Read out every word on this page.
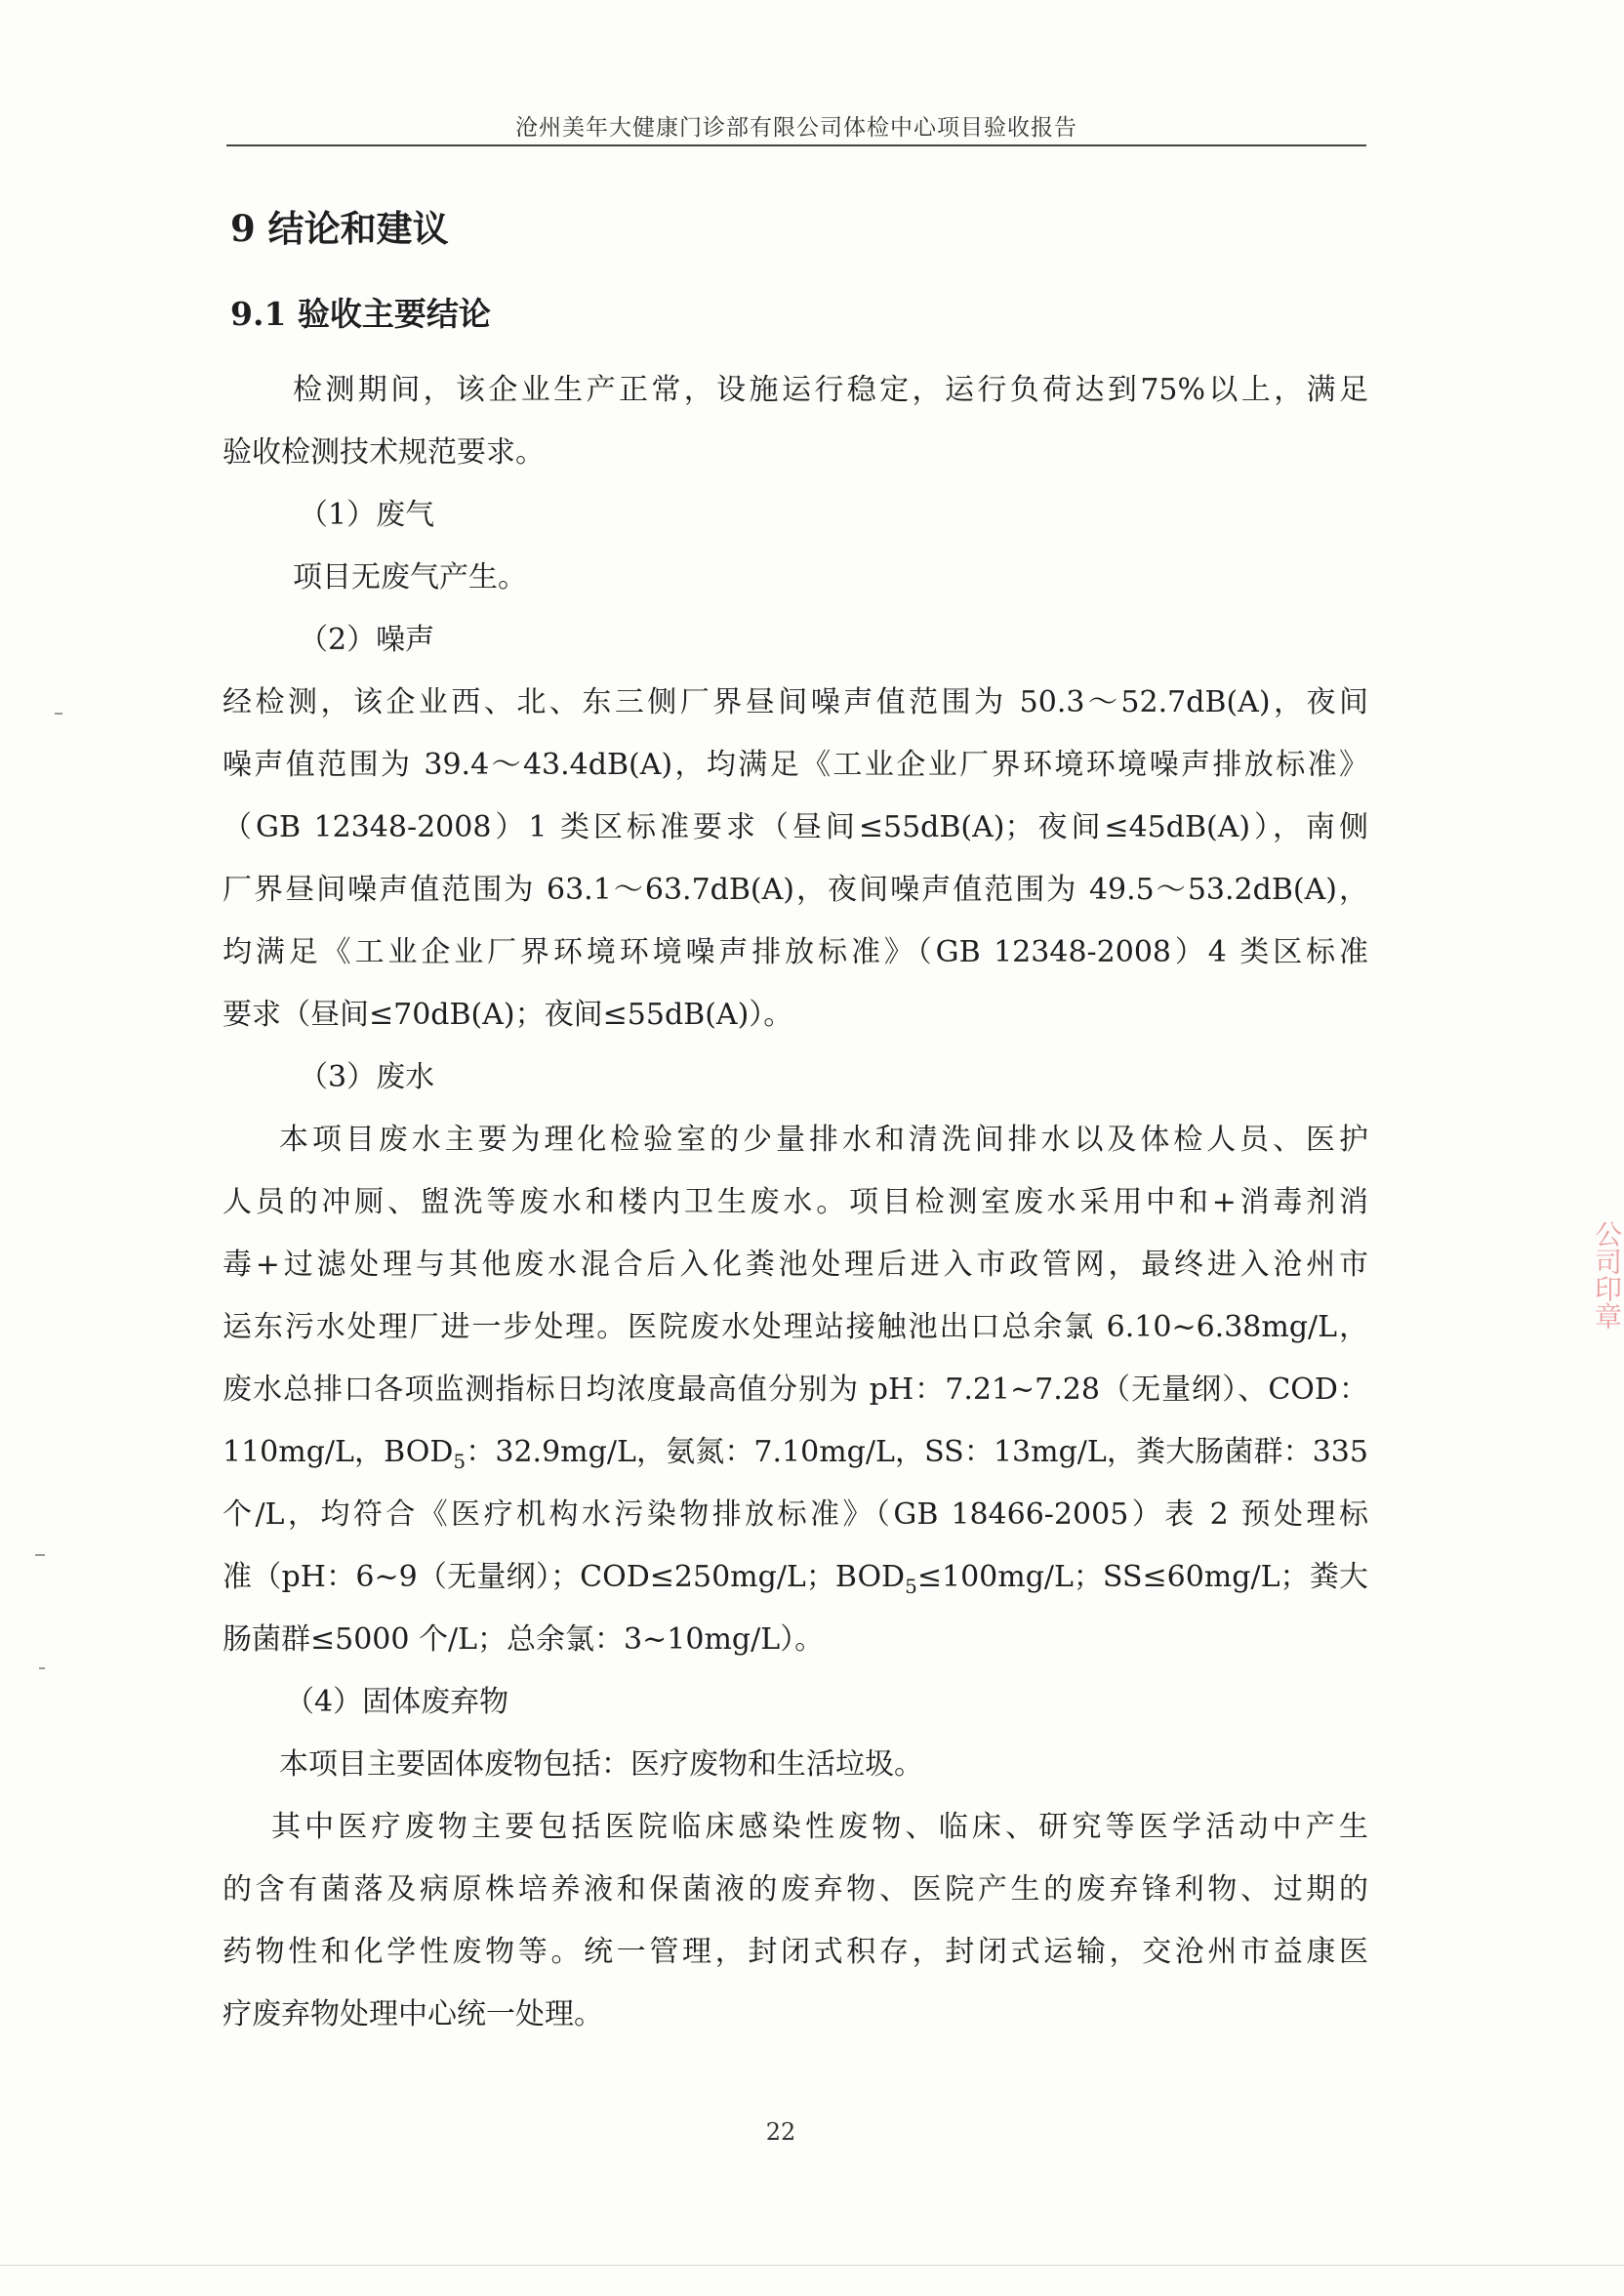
沧州美年大健康门诊部有限公司体检中心项目验收报告
9 结论和建议
9.1 验收主要结论
检测期间，该企业生产正常，设施运行稳定，运行负荷达到75%以上，满足
验收检测技术规范要求。
（1）废气
项目无废气产生。
（2）噪声
经检测，该企业西、北、东三侧厂界昼间噪声值范围为 50.3～52.7dB(A)，夜间
噪声值范围为 39.4～43.4dB(A)，均满足《工业企业厂界环境环境噪声排放标准》
（GB 12348-2008）1 类区标准要求（昼间≤55dB(A)；夜间≤45dB(A)），南侧
厂界昼间噪声值范围为 63.1～63.7dB(A)，夜间噪声值范围为 49.5～53.2dB(A)，
均满足《工业企业厂界环境环境噪声排放标准》（GB 12348-2008）4 类区标准
要求（昼间≤70dB(A)；夜间≤55dB(A)）。
（3）废水
本项目废水主要为理化检验室的少量排水和清洗间排水以及体检人员、医护
人员的冲厕、盥洗等废水和楼内卫生废水。项目检测室废水采用中和+消毒剂消
毒+过滤处理与其他废水混合后入化粪池处理后进入市政管网，最终进入沧州市
运东污水处理厂进一步处理。医院废水处理站接触池出口总余氯 6.10~6.38mg/L，
废水总排口各项监测指标日均浓度最高值分别为 pH：7.21~7.28（无量纲）、COD：
110mg/L，$BOD_5$：32.9mg/L，氨氮：7.10mg/L，SS：13mg/L，粪大肠菌群：335
个/L，均符合《医疗机构水污染物排放标准》（GB 18466-2005）表 2 预处理标
准（pH：6~9（无量纲）；COD≤250mg/L；$BOD_5\le 100mg/L$；SS≤60mg/L；粪大
肠菌群≤5000 个/L；总余氯：3~10mg/L）。
（4）固体废弃物
本项目主要固体废物包括：医疗废物和生活垃圾。
其中医疗废物主要包括医院临床感染性废物、临床、研究等医学活动中产生
的含有菌落及病原株培养液和保菌液的废弃物、医院产生的废弃锋利物、过期的
药物性和化学性废物等。统一管理，封闭式积存，封闭式运输，交沧州市益康医
疗废弃物处理中心统一处理。
22
公司印章
